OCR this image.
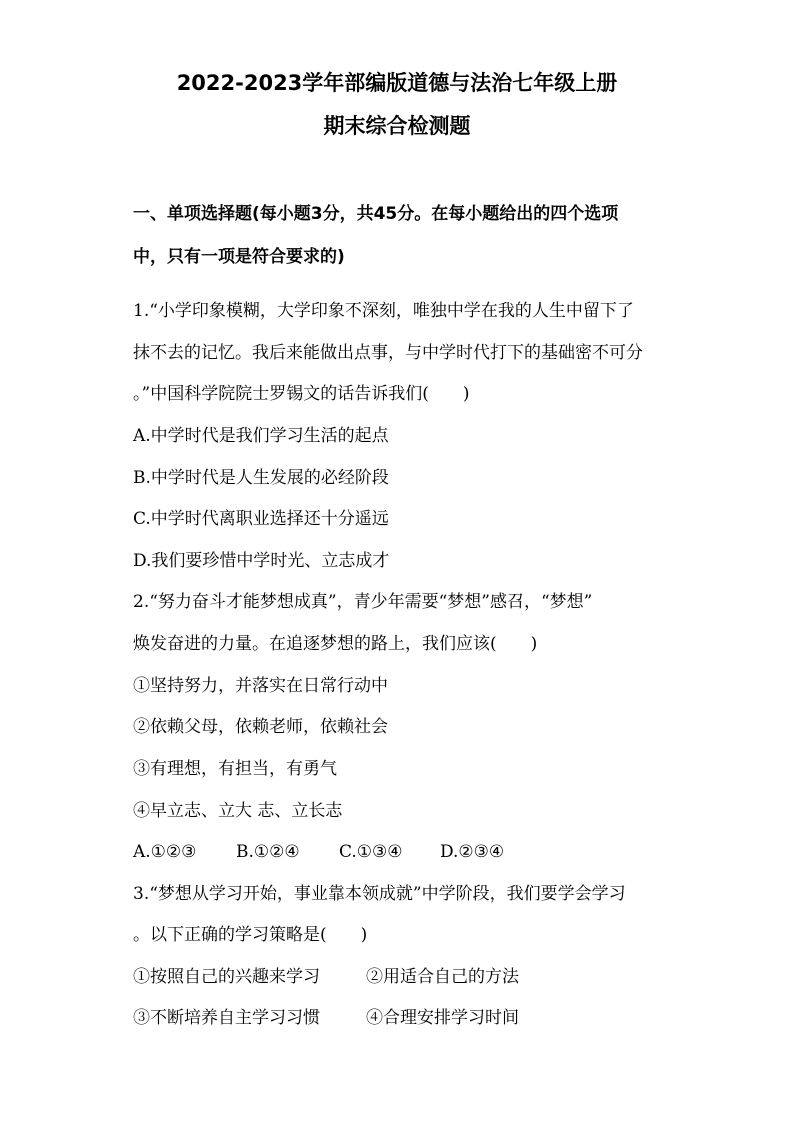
2022-2023学年部编版道德与法治七年级上册
期末综合检测题
一、单项选择题(每小题3分，共45分。在每小题给出的四个选项
中，只有一项是符合要求的)
1.“小学印象模糊，大学印象不深刻，唯独中学在我的人生中留下了
抹不去的记忆。我后来能做出点事，与中学时代打下的基础密不可分
。”中国科学院院士罗锡文的话告诉我们(　　)
A.中学时代是我们学习生活的起点
B.中学时代是人生发展的必经阶段
C.中学时代离职业选择还十分遥远
D.我们要珍惜中学时光、立志成才
2.“努力奋斗才能梦想成真”，青少年需要“梦想”感召，“梦想”
焕发奋进的力量。在追逐梦想的路上，我们应该(　　)
①坚持努力，并落实在日常行动中
②依赖父母，依赖老师，依赖社会
③有理想，有担当，有勇气
④早立志、立大 志、立长志
A.①②③ B.①②④ C.①③④ D.②③④
3.“梦想从学习开始，事业靠本领成就”中学阶段，我们要学会学习
。以下正确的学习策略是(　　)
①按照自己的兴趣来学习	②用适合自己的方法
③不断培养自主学习习惯	④合理安排学习时间
